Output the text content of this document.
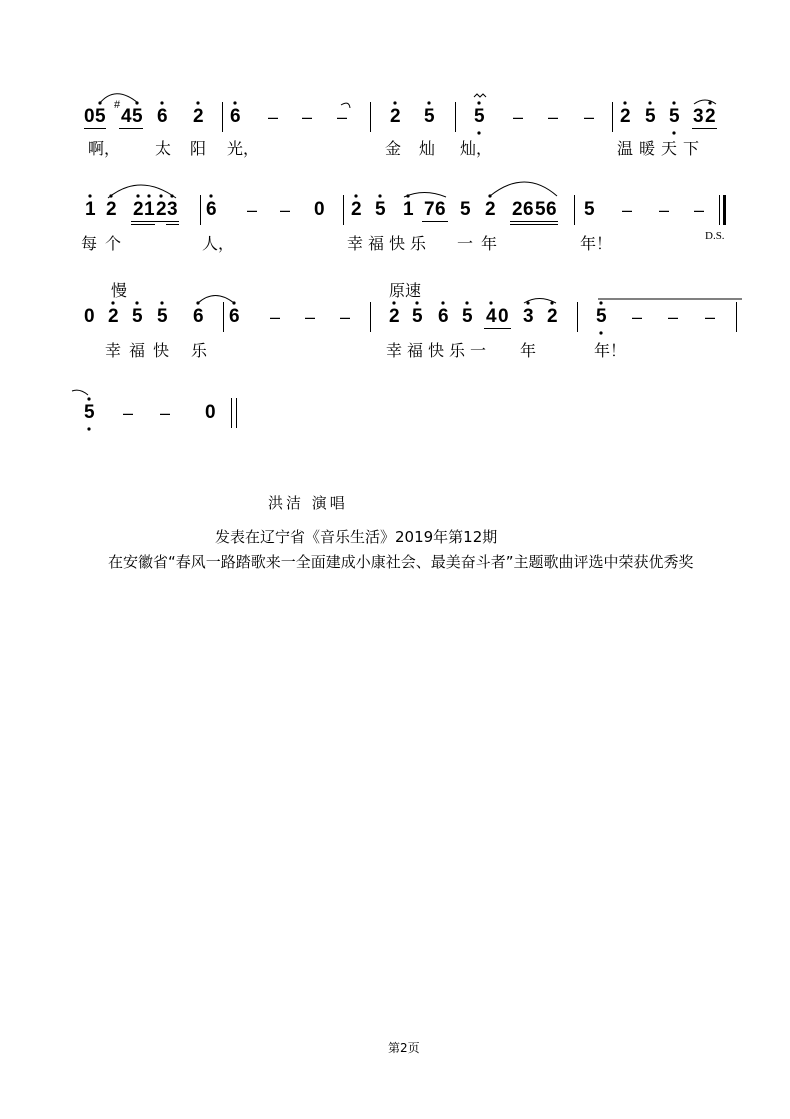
0 5
#
4 5 6 2 6 – – – 2 5 5 – – – 2 5 5 3 2
啊， 太 阳 光，	金 灿 灿，	温暖天下
1 2 2 1 2 3 6 – – 0 2 5 1 7 6 5 2 2 6 5 6 5 – – –
D.S.
每个	人，	幸福快乐 一年	年！
慢	原速
0 2 5 5 6 6 – – – 2 5 6 5 4 0 3 2 5 – – –
幸福快 乐	幸福快乐一 年	年！
5 – – 0
洪洁 演唱
发表在辽宁省《音乐生活》2019年第12期
在安徽省“春风一路踏歌来一全面建成小康社会、最美奋斗者”主题歌曲评选中荣获优秀奖
第2页
